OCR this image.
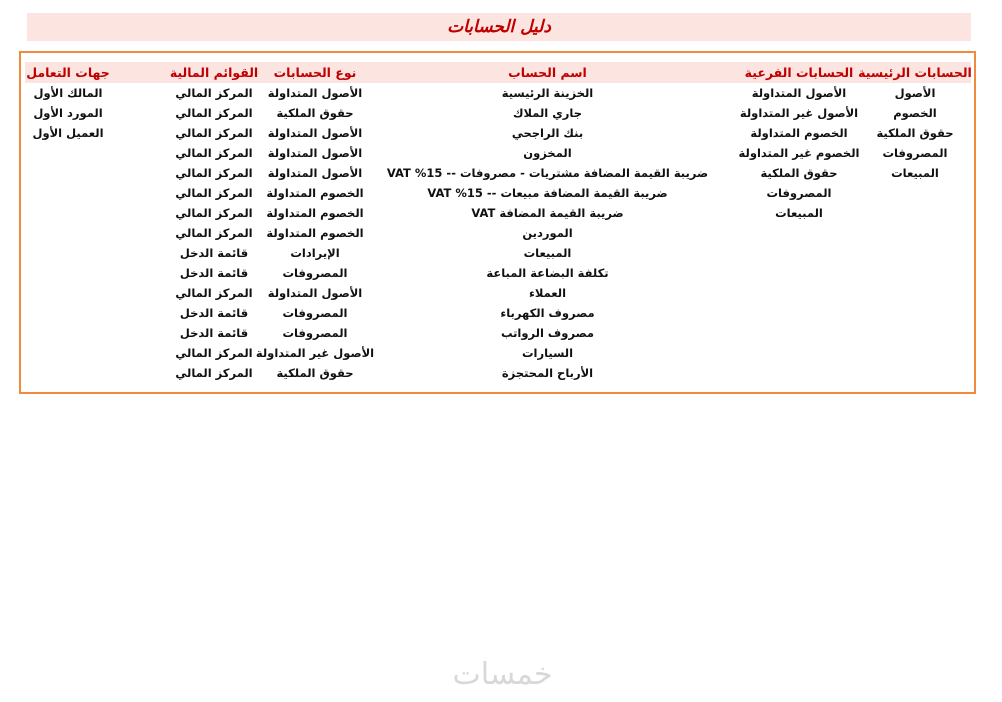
دليل الحسابات
الحسابات الرئيسية
الأصول
الخصوم
حقوق الملكية
المصروفات
المبيعات
الحسابات الفرعية
الأصول المتداولة
الأصول غير المتداولة
الخصوم المتداولة
الخصوم غير المتداولة
حقوق الملكية
المصروفات
المبيعات
اسم الحساب
الخزينة الرئيسية
جاري الملاك
بنك الراجحي
المخزون
ضريبة القيمة المضافة مشتريات - مصروفات -- VAT %15
ضريبة القيمة المضافة مبيعات -- VAT %15
ضريبة القيمة المضافة VAT
الموردين
المبيعات
تكلفة البضاعة المباعة
العملاء
مصروف الكهرباء
مصروف الرواتب
السيارات
الأرباح المحتجزة
نوع الحسابات
الأصول المتداولة
حقوق الملكية
الأصول المتداولة
الأصول المتداولة
الأصول المتداولة
الخصوم المتداولة
الخصوم المتداولة
الخصوم المتداولة
الإيرادات
المصروفات
الأصول المتداولة
المصروفات
المصروفات
الأصول غير المتداولة
حقوق الملكية
القوائم المالية
المركز المالي
المركز المالي
المركز المالي
المركز المالي
المركز المالي
المركز المالي
المركز المالي
المركز المالي
قائمة الدخل
قائمة الدخل
المركز المالي
قائمة الدخل
قائمة الدخل
المركز المالي
المركز المالي
جهات التعامل
المالك الأول
المورد الأول
العميل الأول
خمسات
